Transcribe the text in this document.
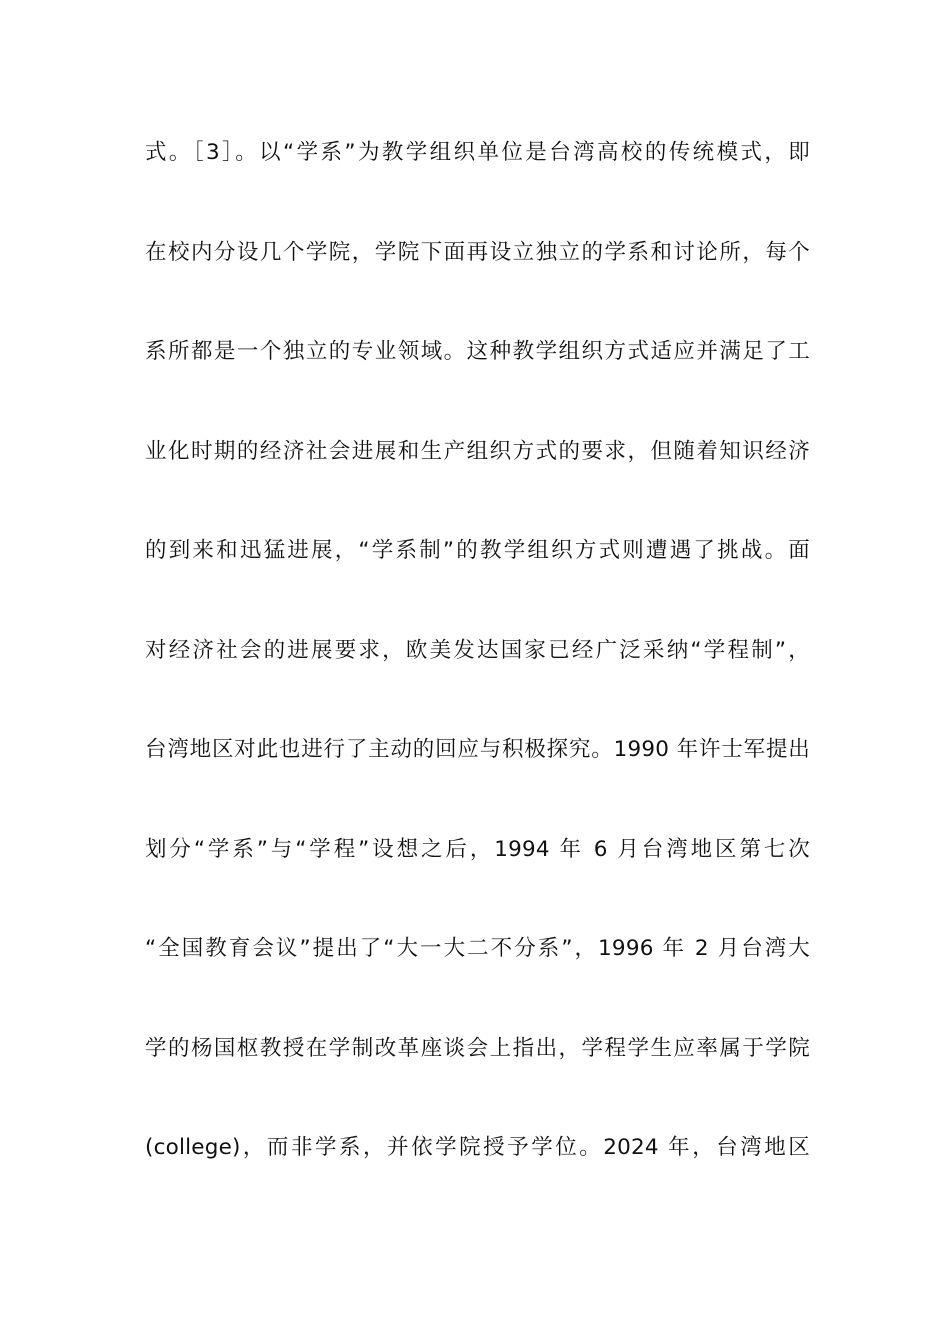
式。［3］。以“学系”为教学组织单位是台湾高校的传统模式，即
在校内分设几个学院，学院下面再设立独立的学系和讨论所，每个
系所都是一个独立的专业领域。这种教学组织方式适应并满足了工
业化时期的经济社会进展和生产组织方式的要求，但随着知识经济
的到来和迅猛进展，“学系制”的教学组织方式则遭遇了挑战。面
对经济社会的进展要求，欧美发达国家已经广泛采纳“学程制”，
台湾地区对此也进行了主动的回应与积极探究。1990 年许士军提出
划分“学系”与“学程”设想之后，1994 年 6 月台湾地区第七次
“全国教育会议”提出了“大一大二不分系”，1996 年 2 月台湾大
学的杨国枢教授在学制改革座谈会上指出，学程学生应率属于学院
(college)，而非学系，并依学院授予学位。2024 年，台湾地区
